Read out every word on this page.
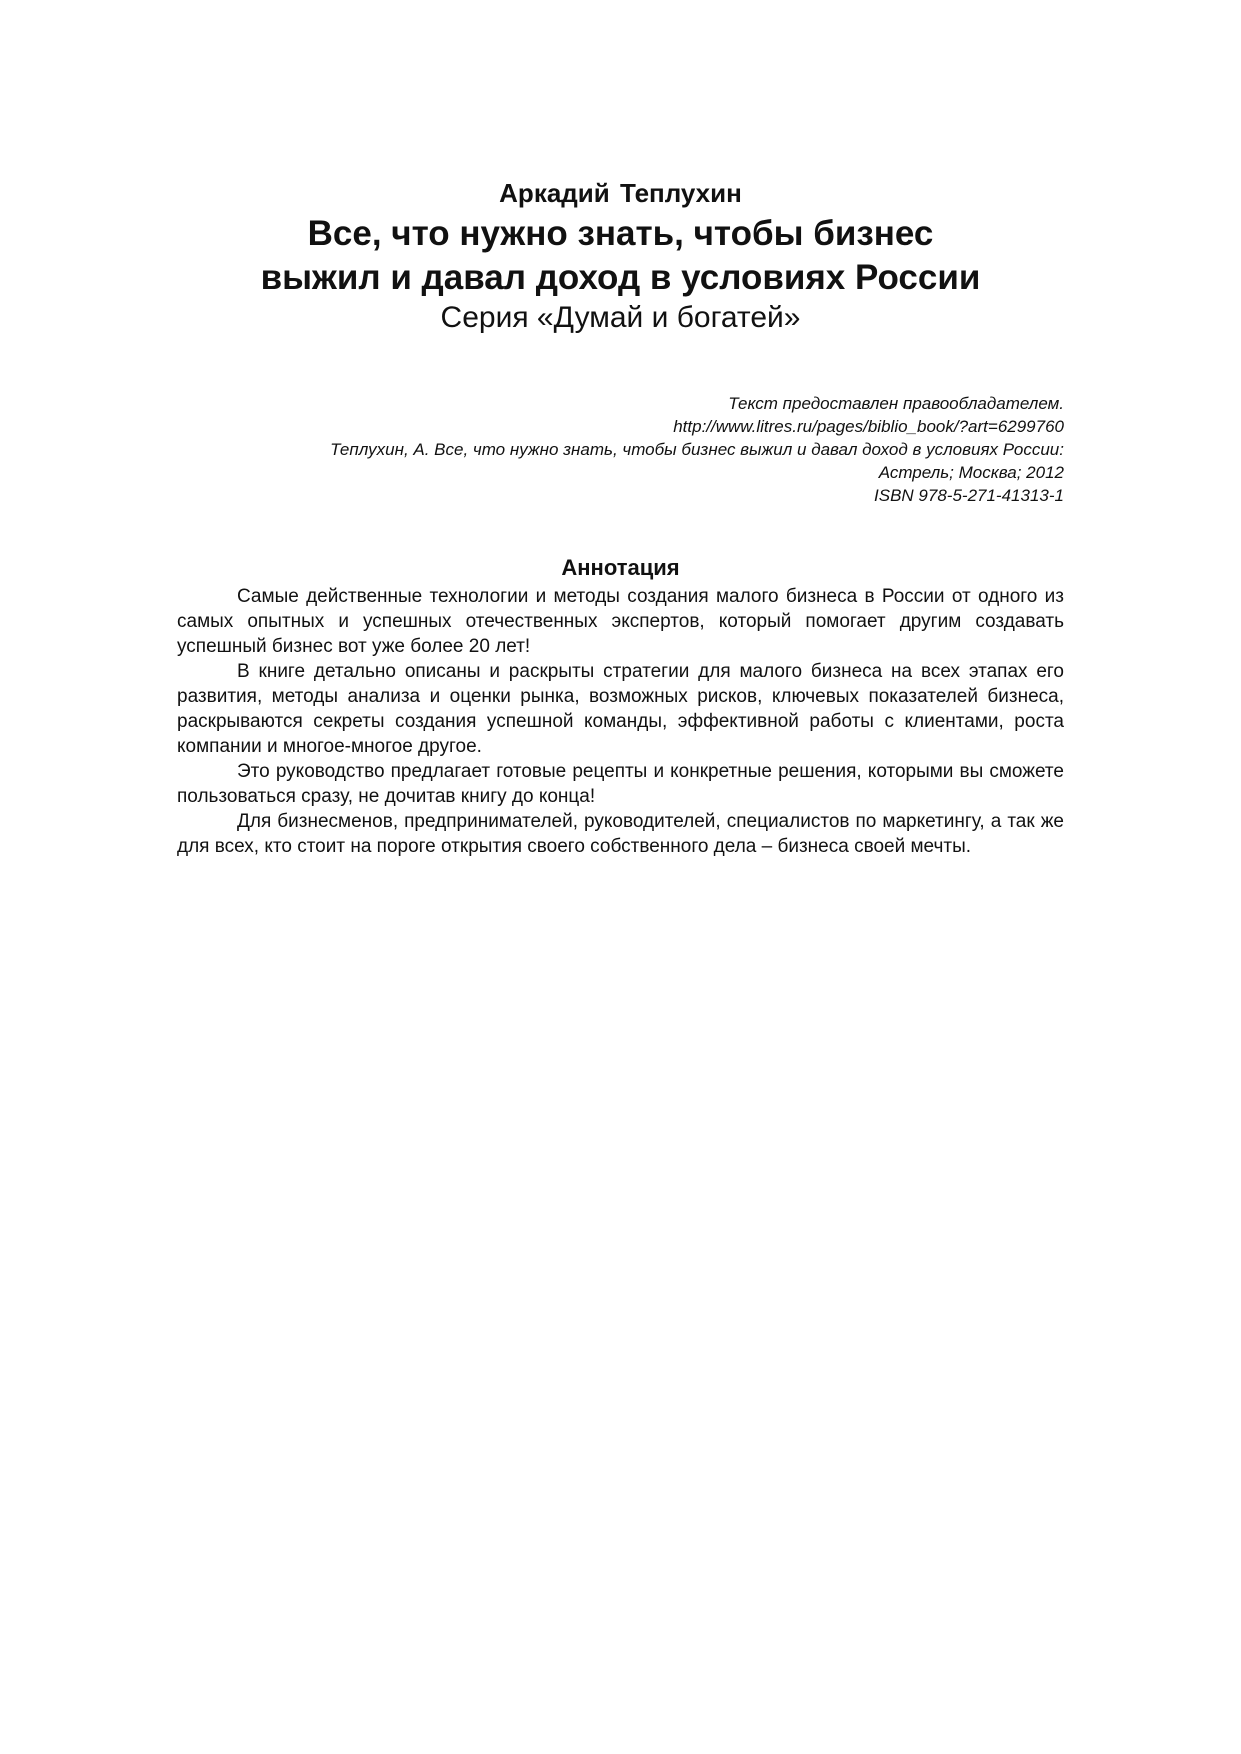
Аркадий Теплухин
Все, что нужно знать, чтобы бизнес
выжил и давал доход в условиях России
Серия «Думай и богатей»
Текст предоставлен правообладателем.
http://www.litres.ru/pages/biblio_book/?art=6299760
Теплухин, А. Все, что нужно знать, чтобы бизнес выжил и давал доход в условиях России:
Астрель; Москва; 2012
ISBN 978-5-271-41313-1
Аннотация

Самые действенные технологии и методы создания малого бизнеса в России от одного из самых опытных и успешных отечественных экспертов, который помогает другим создавать успешный бизнес вот уже более 20 лет!

В книге детально описаны и раскрыты стратегии для малого бизнеса на всех этапах его развития, методы анализа и оценки рынка, возможных рисков, ключевых показателей бизнеса, раскрываются секреты создания успешной команды, эффективной работы с клиентами, роста компании и многое-многое другое.

Это руководство предлагает готовые рецепты и конкретные решения, которыми вы сможете пользоваться сразу, не дочитав книгу до конца!

Для бизнесменов, предпринимателей, руководителей, специалистов по маркетингу, а так же для всех, кто стоит на пороге открытия своего собственного дела – бизнеса своей мечты.
